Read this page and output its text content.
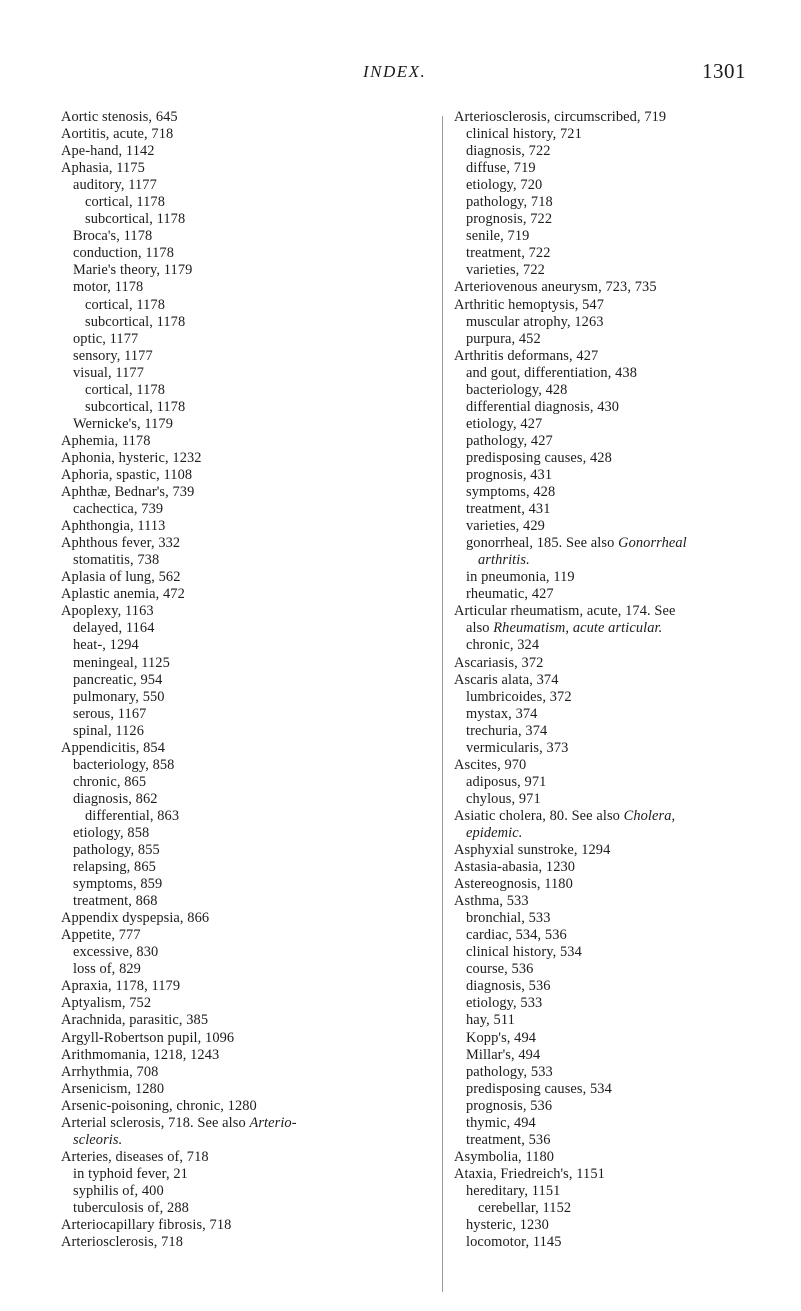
INDEX.	1301
Aortic stenosis, 645
Aortitis, acute, 718
Ape-hand, 1142
Aphasia, 1175
auditory, 1177
cortical, 1178
subcortical, 1178
Broca's, 1178
conduction, 1178
Marie's theory, 1179
motor, 1178
cortical, 1178
subcortical, 1178
optic, 1177
sensory, 1177
visual, 1177
cortical, 1178
subcortical, 1178
Wernicke's, 1179
Aphemia, 1178
Aphonia, hysteric, 1232
Aphoria, spastic, 1108
Aphthæ, Bednar's, 739
cachectica, 739
Aphthongia, 1113
Aphthous fever, 332
stomatitis, 738
Aplasia of lung, 562
Aplastic anemia, 472
Apoplexy, 1163
delayed, 1164
heat-, 1294
meningeal, 1125
pancreatic, 954
pulmonary, 550
serous, 1167
spinal, 1126
Appendicitis, 854
bacteriology, 858
chronic, 865
diagnosis, 862
differential, 863
etiology, 858
pathology, 855
relapsing, 865
symptoms, 859
treatment, 868
Appendix dyspepsia, 866
Appetite, 777
excessive, 830
loss of, 829
Apraxia, 1178, 1179
Aptyalism, 752
Arachnida, parasitic, 385
Argyll-Robertson pupil, 1096
Arithmomania, 1218, 1243
Arrhythmia, 708
Arsenicism, 1280
Arsenic-poisoning, chronic, 1280
Arterial sclerosis, 718. See also Arterio-
scleoris.
Arteries, diseases of, 718
in typhoid fever, 21
syphilis of, 400
tuberculosis of, 288
Arteriocapillary fibrosis, 718
Arteriosclerosis, 718
Arteriosclerosis, circumscribed, 719
clinical history, 721
diagnosis, 722
diffuse, 719
etiology, 720
pathology, 718
prognosis, 722
senile, 719
treatment, 722
varieties, 722
Arteriovenous aneurysm, 723, 735
Arthritic hemoptysis, 547
muscular atrophy, 1263
purpura, 452
Arthritis deformans, 427
and gout, differentiation, 438
bacteriology, 428
differential diagnosis, 430
etiology, 427
pathology, 427
predisposing causes, 428
prognosis, 431
symptoms, 428
treatment, 431
varieties, 429
gonorrheal, 185. See also Gonorrheal
arthritis.
in pneumonia, 119
rheumatic, 427
Articular rheumatism, acute, 174. See
also Rheumatism, acute articular.
chronic, 324
Ascariasis, 372
Ascaris alata, 374
lumbricoides, 372
mystax, 374
trechuria, 374
vermicularis, 373
Ascites, 970
adiposus, 971
chylous, 971
Asiatic cholera, 80. See also Cholera,
epidemic.
Asphyxial sunstroke, 1294
Astasia-abasia, 1230
Astereognosis, 1180
Asthma, 533
bronchial, 533
cardiac, 534, 536
clinical history, 534
course, 536
diagnosis, 536
etiology, 533
hay, 511
Kopp's, 494
Millar's, 494
pathology, 533
predisposing causes, 534
prognosis, 536
thymic, 494
treatment, 536
Asymbolia, 1180
Ataxia, Friedreich's, 1151
hereditary, 1151
cerebellar, 1152
hysteric, 1230
locomotor, 1145
